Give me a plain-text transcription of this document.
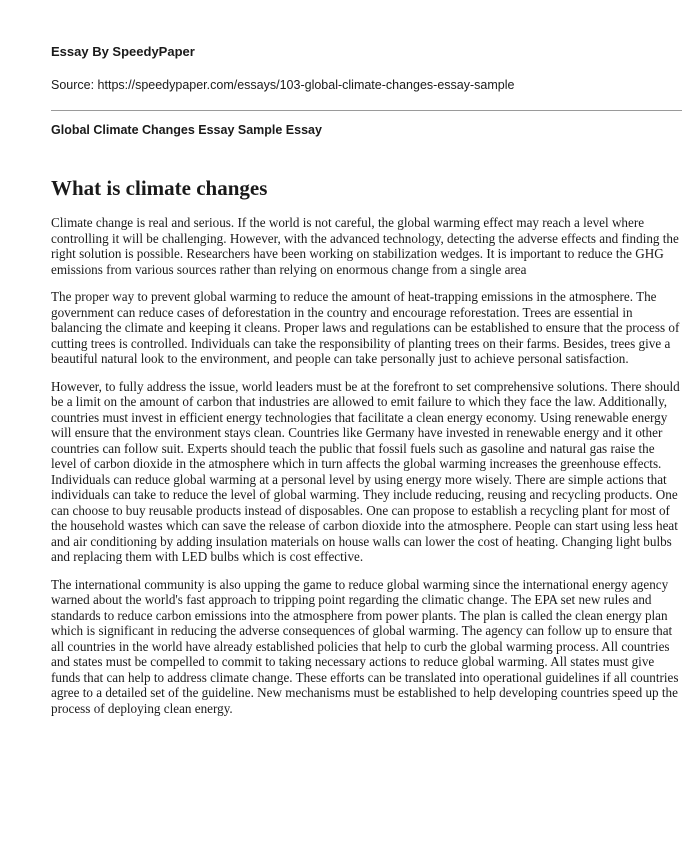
Essay By SpeedyPaper

Source: https://speedypaper.com/essays/103-global-climate-changes-essay-sample

Global Climate Changes Essay Sample Essay

What is climate changes

Climate change is real and serious. If the world is not careful, the global warming effect may reach a level where controlling it will be challenging. However, with the advanced technology, detecting the adverse effects and finding the right solution is possible. Researchers have been working on stabilization wedges. It is important to reduce the GHG emissions from various sources rather than relying on enormous change from a single area

The proper way to prevent global warming to reduce the amount of heat-trapping emissions in the atmosphere. The government can reduce cases of deforestation in the country and encourage reforestation. Trees are essential in balancing the climate and keeping it cleans. Proper laws and regulations can be established to ensure that the process of cutting trees is controlled. Individuals can take the responsibility of planting trees on their farms. Besides, trees give a beautiful natural look to the environment, and people can take personally just to achieve personal satisfaction.

However, to fully address the issue, world leaders must be at the forefront to set comprehensive solutions. There should be a limit on the amount of carbon that industries are allowed to emit failure to which they face the law. Additionally, countries must invest in efficient energy technologies that facilitate a clean energy economy. Using renewable energy will ensure that the environment stays clean. Countries like Germany have invested in renewable energy and it other countries can follow suit. Experts should teach the public that fossil fuels such as gasoline and natural gas raise the level of carbon dioxide in the atmosphere which in turn affects the global warming increases the greenhouse effects. Individuals can reduce global warming at a personal level by using energy more wisely. There are simple actions that individuals can take to reduce the level of global warming. They include reducing, reusing and recycling products. One can choose to buy reusable products instead of disposables. One can propose to establish a recycling plant for most of the household wastes which can save the release of carbon dioxide into the atmosphere. People can start using less heat and air conditioning by adding insulation materials on house walls can lower the cost of heating. Changing light bulbs and replacing them with LED bulbs which is cost effective.

The international community is also upping the game to reduce global warming since the international energy agency warned about the world's fast approach to tripping point regarding the climatic change. The EPA set new rules and standards to reduce carbon emissions into the atmosphere from power plants. The plan is called the clean energy plan which is significant in reducing the adverse consequences of global warming. The agency can follow up to ensure that all countries in the world have already established policies that help to curb the global warming process. All countries and states must be compelled to commit to taking necessary actions to reduce global warming. All states must give funds that can help to address climate change. These efforts can be translated into operational guidelines if all countries agree to a detailed set of the guideline. New mechanisms must be established to help developing countries speed up the process of deploying clean energy.
